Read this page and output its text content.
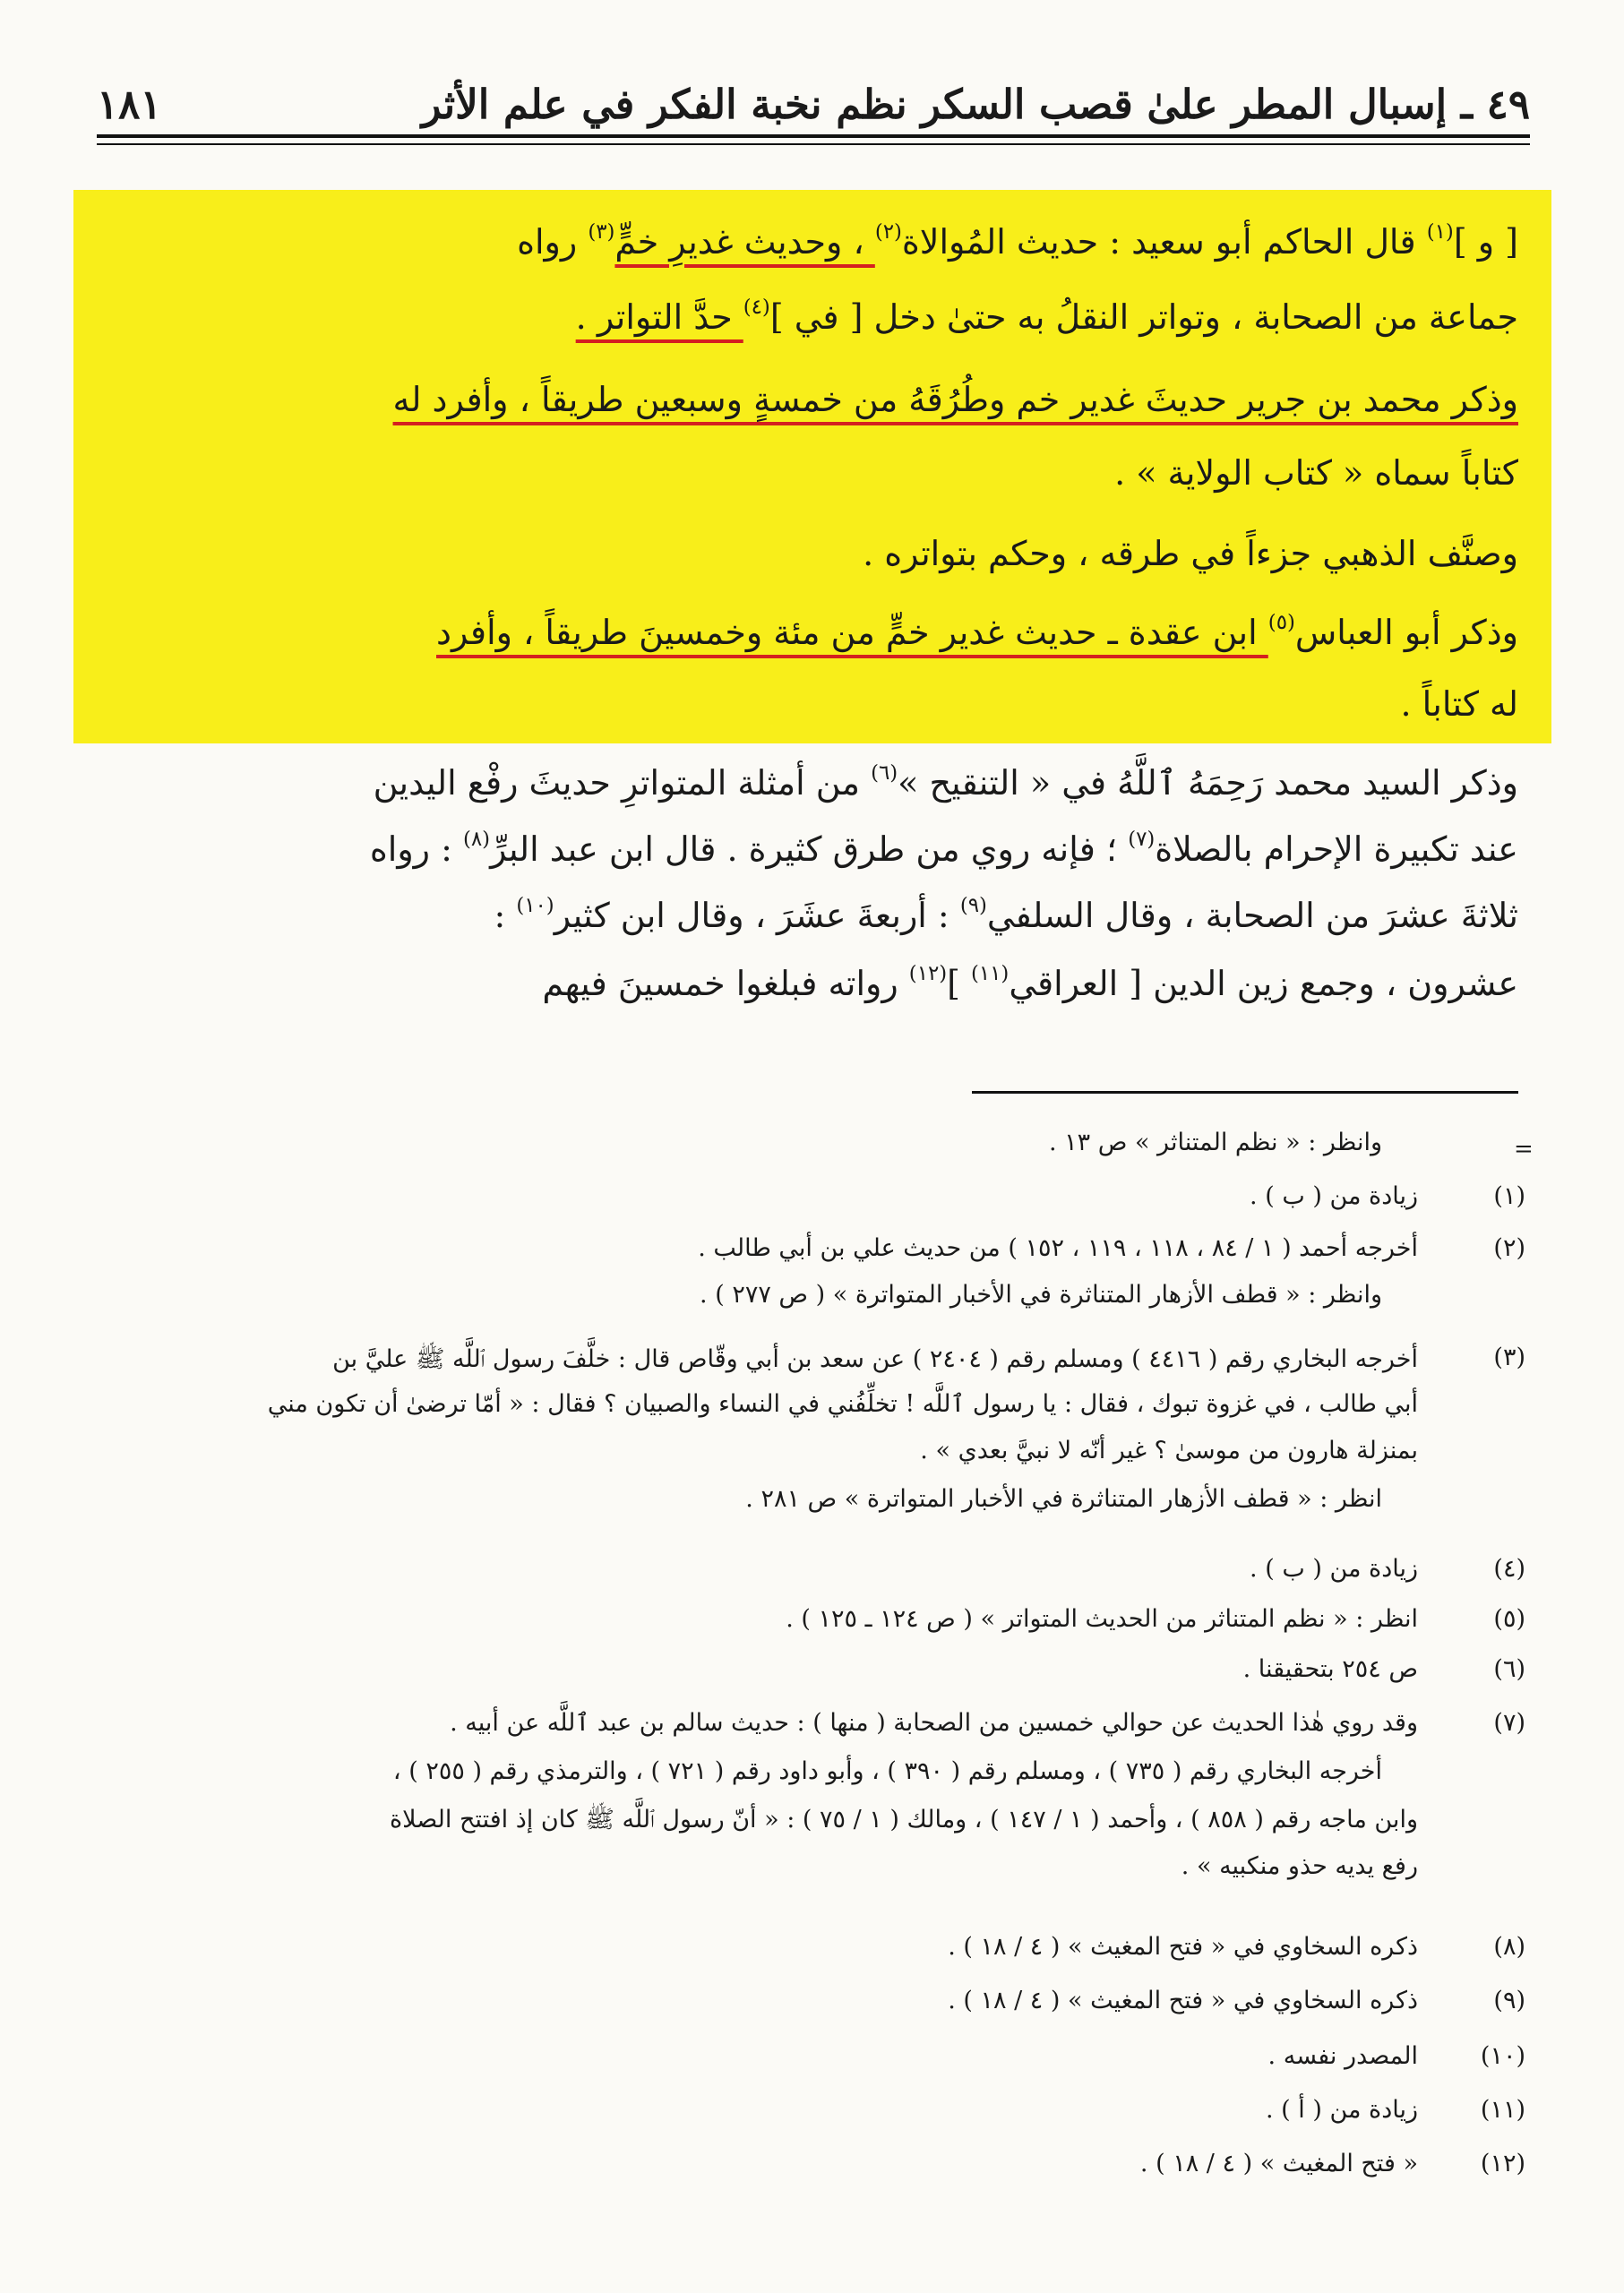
٤٩ ـ إسبال المطر علىٰ قصب السكر نظم نخبة الفكر في علم الأثر
١٨١
[ و ]$^{(١)}$ قال الحاكم أبو سعيد : حديث المُوالاة$^{(٢)}$ ، وحديث غديرِ خمٍّ$^{(٣)}$ رواه
جماعة من الصحابة ، وتواتر النقلُ به حتىٰ دخل [ في ]$^{(٤)}$ حدَّ التواتر .
وذكر محمد بن جرير حديثَ غدير خم وطُرُقَهُ من خمسةٍ وسبعين طريقاً ، وأفرد له
كتاباً سماه « كتاب الولاية » .
وصنَّف الذهبي جزءاً في طرقه ، وحكم بتواتره .
وذكر أبو العباس$^{(٥)}$ ابن عقدة ـ حديث غدير خمٍّ من مئة وخمسينَ طريقاً ، وأفرد
له كتاباً .
وذكر السيد محمد رَحِمَهُ ٱللَّهُ في « التنقيح »$^{(٦)}$ من أمثلة المتواترِ حديثَ رفْع اليدين
عند تكبيرة الإحرام بالصلاة$^{(٧)}$ ؛ فإنه روي من طرق كثيرة . قال ابن عبد البرِّ$^{(٨)}$ : رواه
ثلاثةَ عشرَ من الصحابة ، وقال السلفي$^{(٩)}$ : أربعةَ عشَرَ ، وقال ابن كثير$^{(١٠)}$ :
عشرون ، وجمع زين الدين [ العراقي$^{(١١)}$ ]$^{(١٢)}$ رواته فبلغوا خمسينَ فيهم
=
وانظر : « نظم المتناثر » ص ١٣ .
(١)
زيادة من ( ب ) .
(٢)
أخرجه أحمد ( ١ / ٨٤ ، ١١٨ ، ١١٩ ، ١٥٢ ) من حديث علي بن أبي طالب .
وانظر : « قطف الأزهار المتناثرة في الأخبار المتواترة » ( ص ٢٧٧ ) .
(٣)
أخرجه البخاري رقم ( ٤٤١٦ ) ومسلم رقم ( ٢٤٠٤ ) عن سعد بن أبي وقّاص قال : خلَّفَ رسول ٱللَّه ﷺ عليَّ بن
أبي طالب ، في غزوة تبوك ، فقال : يا رسول ٱللَّه ! تخلِّفُني في النساء والصبيان ؟ فقال : « أمّا ترضىٰ أن تكون مني
بمنزلة هارون من موسىٰ ؟ غير أنّه لا نبيَّ بعدي » .
انظر : « قطف الأزهار المتناثرة في الأخبار المتواترة » ص ٢٨١ .
(٤)
زيادة من ( ب ) .
(٥)
انظر : « نظم المتناثر من الحديث المتواتر » ( ص ١٢٤ ـ ١٢٥ ) .
(٦)
ص ٢٥٤ بتحقيقنا .
(٧)
وقد روي هٰذا الحديث عن حوالي خمسين من الصحابة ( منها ) : حديث سالم بن عبد ٱللَّه عن أبيه .
أخرجه البخاري رقم ( ٧٣٥ ) ، ومسلم رقم ( ٣٩٠ ) ، وأبو داود رقم ( ٧٢١ ) ، والترمذي رقم ( ٢٥٥ ) ،
وابن ماجه رقم ( ٨٥٨ ) ، وأحمد ( ١ / ١٤٧ ) ، ومالك ( ١ / ٧٥ ) : « أنّ رسول ٱللَّه ﷺ كان إذ افتتح الصلاة
رفع يديه حذو منكبيه » .
(٨)
ذكره السخاوي في « فتح المغيث » ( ٤ / ١٨ ) .
(٩)
ذكره السخاوي في « فتح المغيث » ( ٤ / ١٨ ) .
(١٠)
المصدر نفسه .
(١١)
زيادة من ( أ ) .
(١٢)
« فتح المغيث » ( ٤ / ١٨ ) .
